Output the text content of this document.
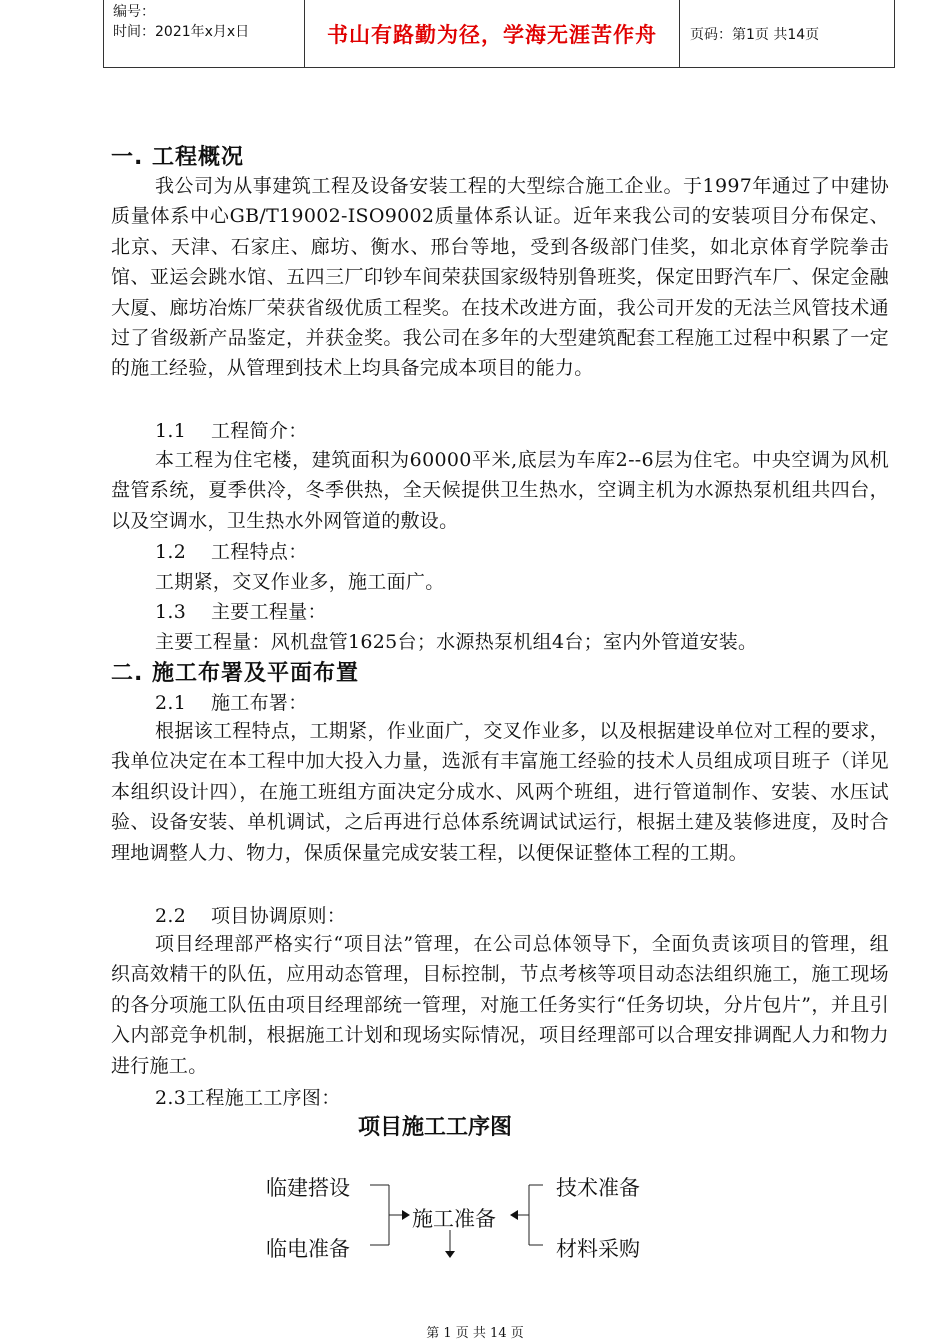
编号：
时间：2021年x月x日	书山有路勤为径，学海无涯苦作舟	页码：第1页 共14页
一. 工程概况
我公司为从事建筑工程及设备安装工程的大型综合施工企业。于1997年通过了中建协质量体系中心GB/T19002-ISO9002质量体系认证。近年来我公司的安装项目分布保定、北京、天津、石家庄、廊坊、衡水、邢台等地，受到各级部门佳奖，如北京体育学院拳击馆、亚运会跳水馆、五四三厂印钞车间荣获国家级特别鲁班奖，保定田野汽车厂、保定金融大厦、廊坊冶炼厂荣获省级优质工程奖。在技术改进方面，我公司开发的无法兰风管技术通过了省级新产品鉴定，并获金奖。我公司在多年的大型建筑配套工程施工过程中积累了一定的施工经验，从管理到技术上均具备完成本项目的能力。
1.1 工程简介：
本工程为住宅楼，建筑面积为60000平米,底层为车库2--6层为住宅。中央空调为风机盘管系统，夏季供冷，冬季供热，全天候提供卫生热水，空调主机为水源热泵机组共四台，以及空调水，卫生热水外网管道的敷设。
1.2 工程特点：
工期紧，交叉作业多，施工面广。
1.3 主要工程量：
主要工程量：风机盘管1625台；水源热泵机组4台；室内外管道安装。
二. 施工布署及平面布置
2.1 施工布署：
根据该工程特点，工期紧，作业面广，交叉作业多，以及根据建设单位对工程的要求，我单位决定在本工程中加大投入力量，选派有丰富施工经验的技术人员组成项目班子（详见本组织设计四），在施工班组方面决定分成水、风两个班组，进行管道制作、安装、水压试验、设备安装、单机调试，之后再进行总体系统调试试运行，根据土建及装修进度，及时合理地调整人力、物力，保质保量完成安装工程，以便保证整体工程的工期。
2.2 项目协调原则：
项目经理部严格实行“项目法”管理，在公司总体领导下，全面负责该项目的管理，组织高效精干的队伍，应用动态管理，目标控制，节点考核等项目动态法组织施工，施工现场的各分项施工队伍由项目经理部统一管理，对施工任务实行“任务切块，分片包片”，并且引入内部竞争机制，根据施工计划和现场实际情况，项目经理部可以合理安排调配人力和物力进行施工。
2.3工程施工工序图：
项目施工工序图
临建搭设
临电准备
施工准备
技术准备
材料采购
第 1 页 共 14 页
